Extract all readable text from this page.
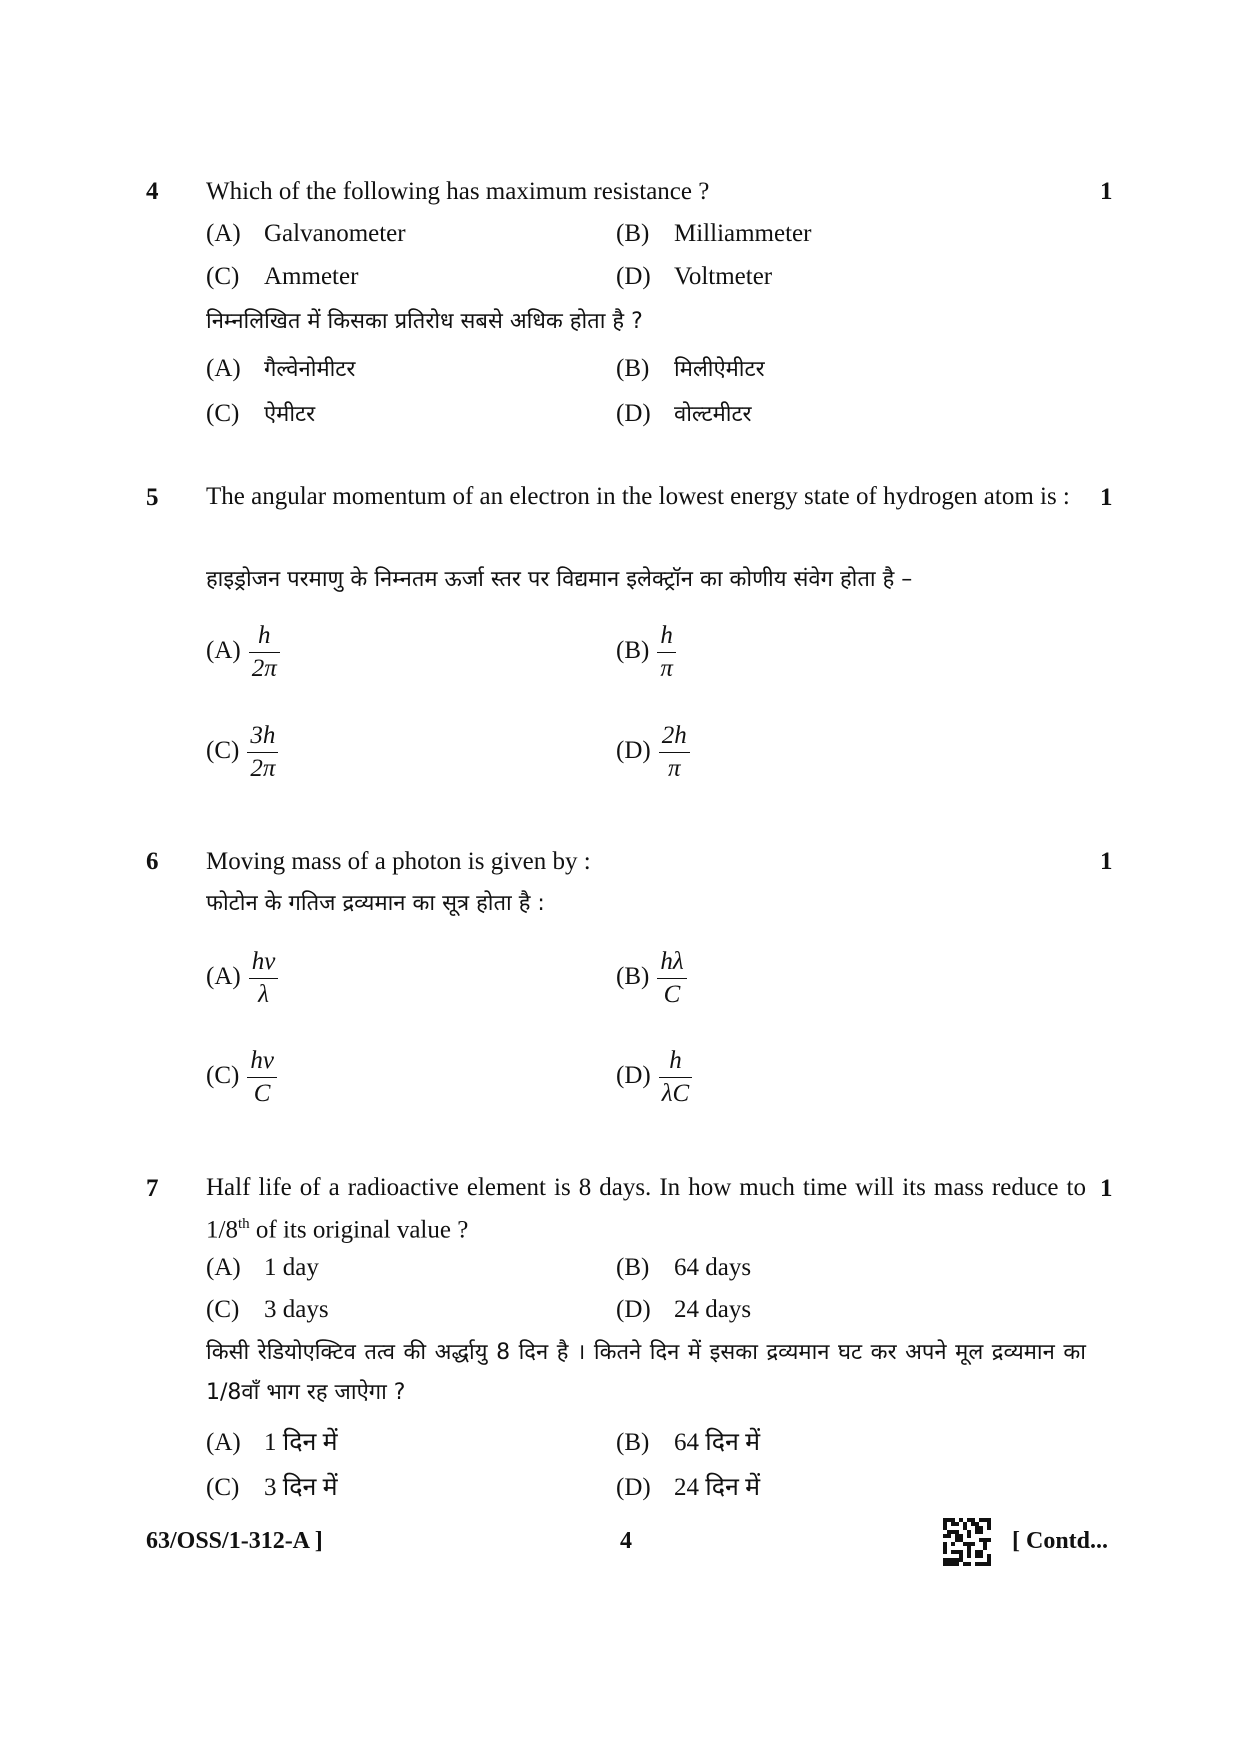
4 Which of the following has maximum resistance ?	1
(A) Galvanometer	(B) Milliammeter
(C) Ammeter	(D) Voltmeter
निम्नलिखित में किसका प्रतिरोध सबसे अधिक होता है ?
(A) गैल्वेनोमीटर	(B) मिलीऐमीटर
(C) ऐमीटर	(D) वोल्टमीटर
5 The angular momentum of an electron in the lowest energy state of hydrogen atom is :	1
हाइड्रोजन परमाणु के निम्नतम ऊर्जा स्तर पर विद्यमान इलेक्ट्रॉन का कोणीय संवेग होता है –
$(A) \frac{h}{2\pi}$	$(B) \frac{h}{\pi}$
$(C) \frac{3h}{2\pi}$	$(D) \frac{2h}{\pi}$
6 Moving mass of a photon is given by :	1
फोटोन के गतिज द्रव्यमान का सूत्र होता है :
$(A) \frac{hv}{\lambda}$	$(B) \frac{h\lambda}{C}$
$(C) \frac{hv}{C}$	$(D) \frac{h}{\lambda C}$
7 Half life of a radioactive element is 8 days. In how much time will its mass reduce to 1/8th of its original value ?
1
(A) 1 day	(B) 64 days
(C) 3 days	(D) 24 days
किसी रेडियोएक्टिव तत्व की अर्द्धायु 8 दिन है । कितने दिन में इसका द्रव्यमान घट कर अपने मूल द्रव्यमान का 1/8वाँ भाग रह जाऐगा ?
(A) 1 दिन में	(B) 64 दिन में
(C) 3 दिन में	(D) 24 दिन में
63/OSS/1-312-A ]	4	[ Contd...
